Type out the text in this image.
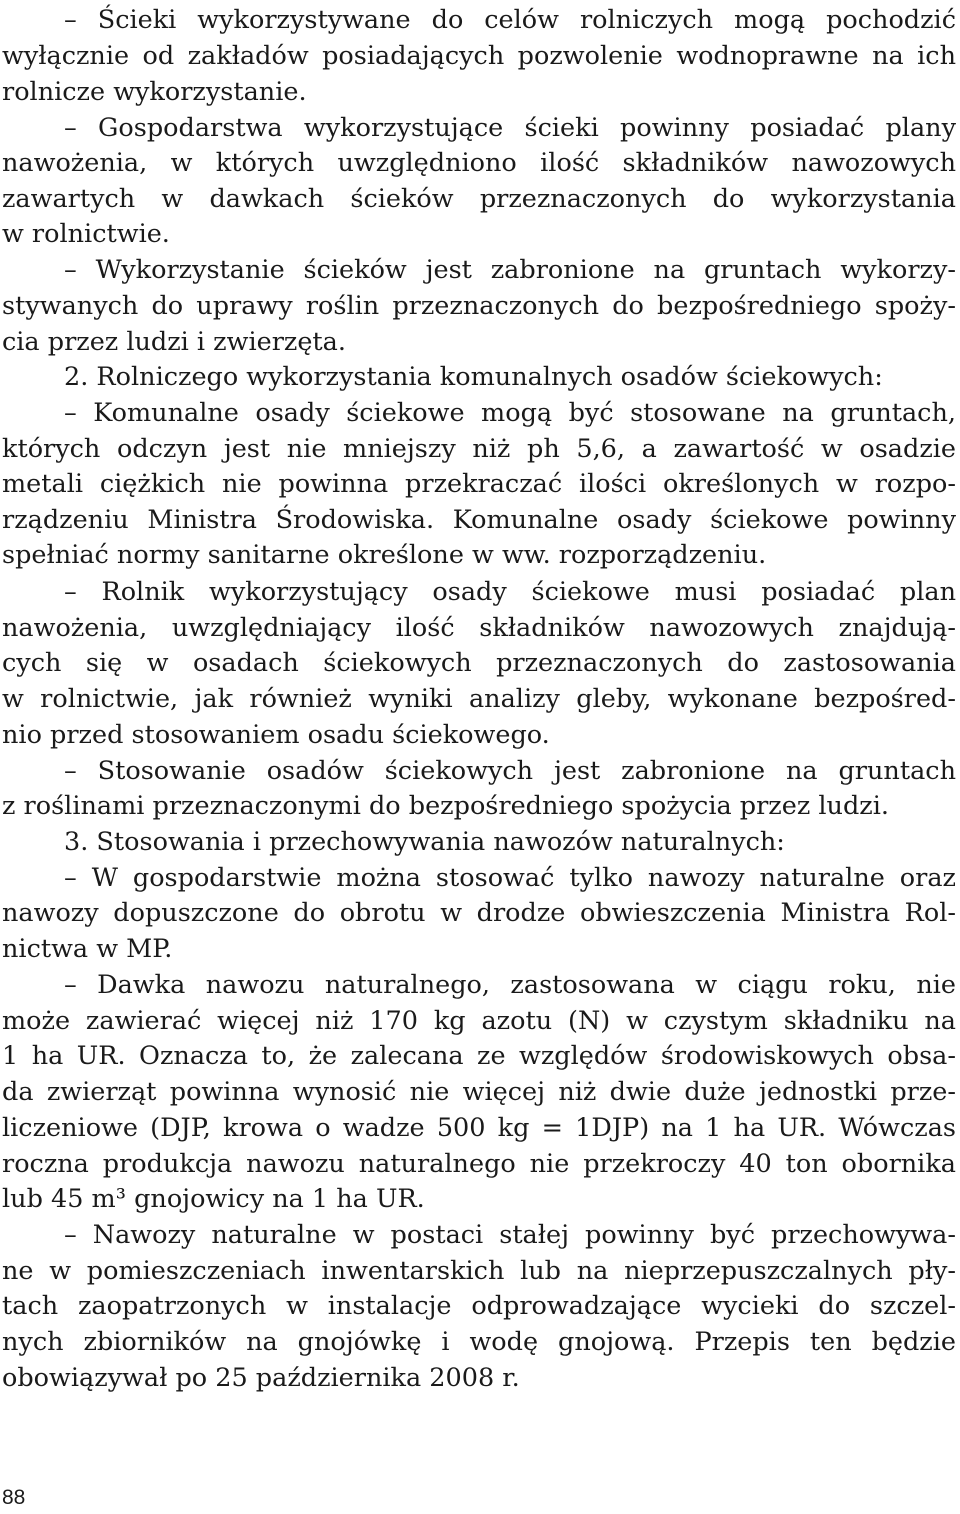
– Ścieki wykorzystywane do celów rolniczych mogą pochodzić

wyłącznie od zakładów posiadających pozwolenie wodnoprawne na ich

rolnicze wykorzystanie.

– Gospodarstwa wykorzystujące ścieki powinny posiadać plany

nawożenia, w których uwzględniono ilość składników nawozowych

zawartych w dawkach ścieków przeznaczonych do wykorzystania

w rolnictwie.

– Wykorzystanie ścieków jest zabronione na gruntach wykorzy-

stywanych do uprawy roślin przeznaczonych do bezpośredniego spoży-

cia przez ludzi i zwierzęta.

2. Rolniczego wykorzystania komunalnych osadów ściekowych:

– Komunalne osady ściekowe mogą być stosowane na gruntach,

których odczyn jest nie mniejszy niż ph 5,6, a zawartość w osadzie

metali ciężkich nie powinna przekraczać ilości określonych w rozpo-

rządzeniu Ministra Środowiska. Komunalne osady ściekowe powinny

spełniać normy sanitarne określone w ww. rozporządzeniu.

– Rolnik wykorzystujący osady ściekowe musi posiadać plan

nawożenia, uwzględniający ilość składników nawozowych znajdują-

cych się w osadach ściekowych przeznaczonych do zastosowania

w rolnictwie, jak również wyniki analizy gleby, wykonane bezpośred-

nio przed stosowaniem osadu ściekowego.

– Stosowanie osadów ściekowych jest zabronione na gruntach

z roślinami przeznaczonymi do bezpośredniego spożycia przez ludzi.

3. Stosowania i przechowywania nawozów naturalnych:

– W gospodarstwie można stosować tylko nawozy naturalne oraz

nawozy dopuszczone do obrotu w drodze obwieszczenia Ministra Rol-

nictwa w MP.

– Dawka nawozu naturalnego, zastosowana w ciągu roku, nie

może zawierać więcej niż 170 kg azotu (N) w czystym składniku na

1 ha UR. Oznacza to, że zalecana ze względów środowiskowych obsa-

da zwierząt powinna wynosić nie więcej niż dwie duże jednostki prze-

liczeniowe (DJP, krowa o wadze 500 kg = 1DJP) na 1 ha UR. Wówczas

roczna produkcja nawozu naturalnego nie przekroczy 40 ton obornika

lub 45 m³ gnojowicy na 1 ha UR.

– Nawozy naturalne w postaci stałej powinny być przechowywa-

ne w pomieszczeniach inwentarskich lub na nieprzepuszczalnych pły-

tach zaopatrzonych w instalacje odprowadzające wycieki do szczel-

nych zbiorników na gnojówkę i wodę gnojową. Przepis ten będzie

obowiązywał po 25 października 2008 r.

88
